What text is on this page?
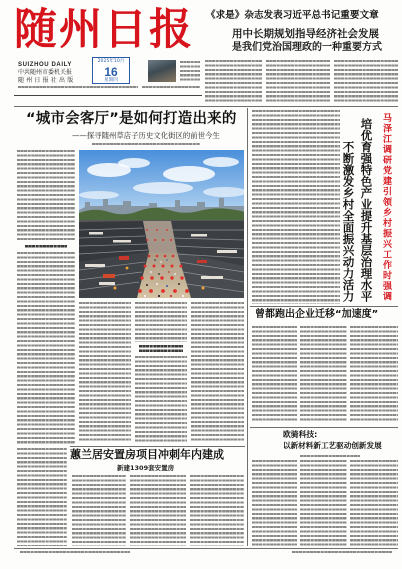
随州日报
SUIZHOU DAILY
中共随州市委机关报
随州日报社出版
2025年10月
16
星期四
《求是》杂志发表习近平总书记重要文章
用中长期规划指导经济社会发展
是我们党治国理政的一种重要方式
“城市会客厅”是如何打造出来的
——探寻随州草店子历史文化街区的前世今生
蕙兰居安置房项目冲刺年内建成
新建1309套安置房
不断激发乡村全面振兴动力活力 培优育强特色产业提升基层治理水平 马泽江调研党建引领乡村振兴工作时强调
曾都跑出企业迁移“加速度”
欧骑科技:
以新材料新工艺驱动创新发展
